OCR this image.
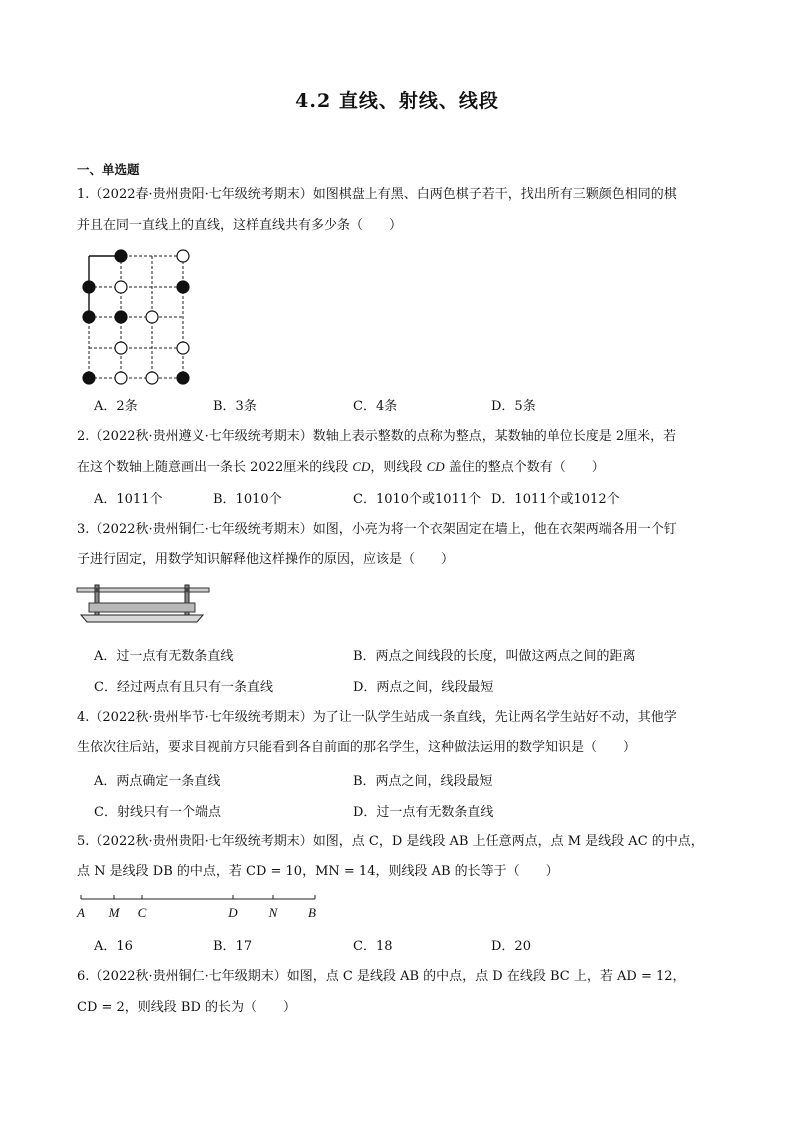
4.2 直线、射线、线段
一、单选题
1.（2022春·贵州贵阳·七年级统考期末）如图棋盘上有黑、白两色棋子若干，找出所有三颗颜色相同的棋
并且在同一直线上的直线，这样直线共有多少条（　　）
A．2条	B．3条	C．4条	D．5条
2.（2022秋·贵州遵义·七年级统考期末）数轴上表示整数的点称为整点，某数轴的单位长度是 2厘米，若
在这个数轴上随意画出一条长 2022厘米的线段 CD，则线段 CD 盖住的整点个数有（　　）
A．1011个	B．1010个	C．1010个或1011个 D．1011个或1012个
3.（2022秋·贵州铜仁·七年级统考期末）如图，小亮为将一个衣架固定在墙上，他在衣架两端各用一个钉
子进行固定，用数学知识解释他这样操作的原因，应该是（　　）
A．过一点有无数条直线	B．两点之间线段的长度，叫做这两点之间的距离
C．经过两点有且只有一条直线	D．两点之间，线段最短
4.（2022秋·贵州毕节·七年级统考期末）为了让一队学生站成一条直线，先让两名学生站好不动，其他学
生依次往后站，要求目视前方只能看到各自前面的那名学生，这种做法运用的数学知识是（　　）
A．两点确定一条直线	B．两点之间，线段最短
C．射线只有一个端点	D．过一点有无数条直线
5.（2022秋·贵州贵阳·七年级统考期末）如图，点 C，D 是线段 AB 上任意两点，点 M 是线段 AC 的中点，
点 N 是线段 DB 的中点，若 CD = 10，MN = 14，则线段 AB 的长等于（　　）
A M C	D N B
A．16	B．17	C．18	D．20
6.（2022秋·贵州铜仁·七年级期末）如图，点 C 是线段 AB 的中点，点 D 在线段 BC 上，若 AD = 12，
CD = 2，则线段 BD 的长为（　　）
